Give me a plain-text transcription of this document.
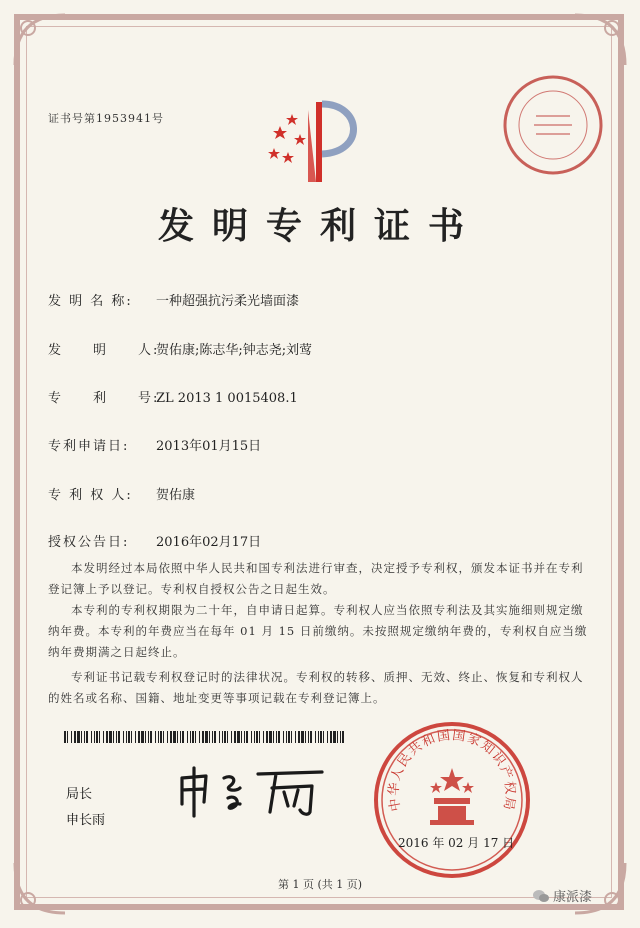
证书号第1953941号
发明专利证书
发 明 名 称: 一种超强抗污柔光墙面漆
发　　明　　人:贺佑康;陈志华;钟志尧;刘莺
专　　利　　号:ZL 2013 1 0015408.1
专利申请日: 2013年01月15日
专 利 权 人: 贺佑康
授权公告日: 2016年02月17日

本发明经过本局依照中华人民共和国专利法进行审查，决定授予专利权，颁发本证书并在专利登记簿上予以登记。专利权自授权公告之日起生效。

本专利的专利权期限为二十年，自申请日起算。专利权人应当依照专利法及其实施细则规定缴纳年费。本专利的年费应当在每年 01 月 15 日前缴纳。未按照规定缴纳年费的，专利权自应当缴纳年费期满之日起终止。

专利证书记载专利权登记时的法律状况。专利权的转移、质押、无效、终止、恢复和专利权人的姓名或名称、国籍、地址变更等事项记载在专利登记簿上。

局长
申长雨
中华人民共和国国家知识产权局
2016 年 02 月 17 日
第 1 页 (共 1 页)
康派漆
